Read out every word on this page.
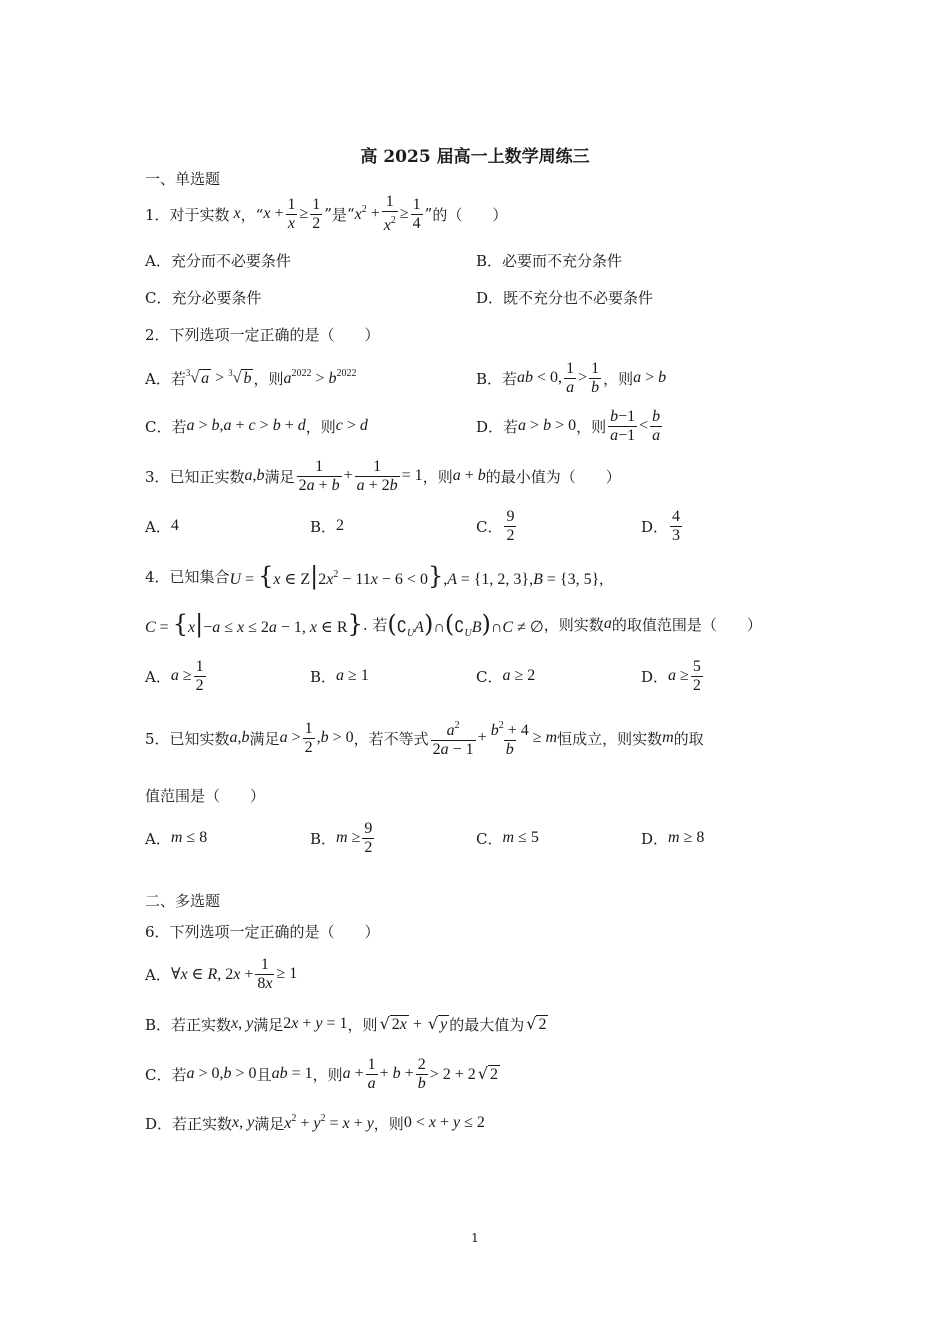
高 2025 届高一上数学周练三
一、单选题
1．对于实数 x ，“ $x + \frac{1}{x} \ge \frac{1}{2}$ ” 是 “ $x^2 + \frac{1}{x^2} \ge \frac{1}{4}$ ” 的（　　）
A．充分而不必要条件	B．必要而不充分条件
C．充分必要条件	D．既不充分也不必要条件
2．下列选项一定正确的是（　　）
A．若 $^3$√ a > $^3$√ b ，则 $a^{2022} > b^{2022}$	B．若 ab < 0, $\frac{1}{a} > \frac{1}{b}$ ，则 a > b
C．若 a > b,a + c > b + d ，则 c > d	D．若 a > b > 0 ，则 $\frac{b-1}{a-1} < \frac{b}{a}$
3．已知正实数 a,b 满足 $\frac{1}{2a + b} + \frac{1}{a + 2b} = 1$ ，则 a + b 的最小值为（　　）
A． 4	B． 2	C． $\frac{9}{2}$	D． $\frac{4}{3}$
4．已知集合 U = {x ∈ $Z|2x^2 - 11x - 6 < 0\},A = \{1$, 2, 3},B = {3, 5},
C = {x|−a ≤ x ≤ 2a − 1, x ∈ R} . 若 $(∁_UA)\cap(∁_UB)\cap C$ ≠ ∅ ，则实数 a 的取值范围是（　　）
A． $a \ge \frac{1}{2}$	B． a ≥ 1	C． a ≥ 2	D． $a \ge \frac{5}{2}$
5．已知实数 a,b 满足 $a > \frac{1}{2} ,b > 0$ ，若不等式 $\frac{a^2}{2a - 1} + \frac{b^2 + 4}{b} \ge m$ 恒成立，则实数 m 的取
值范围是（　　）
A． m ≤ 8	B． $m \ge \frac{9}{2}$	C． m ≤ 5	D． m ≥ 8
二、多选题
6．下列选项一定正确的是（　　）
A． ∀x ∈ R, $2x + \frac{1}{8x} \ge 1$
B．若正实数 x, y 满足 2x + y = 1 ，则 √ 2x + √ y 的最大值为 √ 2
C．若 a > 0,b > 0 且 ab = 1 ，则 $a + \frac{1}{a} + b + \frac{2}{b} > 2 + 2$ √ 2
D．若正实数 x, y 满足 $x^2 + y^2 = x + y$ ，则 0 < x + y ≤ 2
1
